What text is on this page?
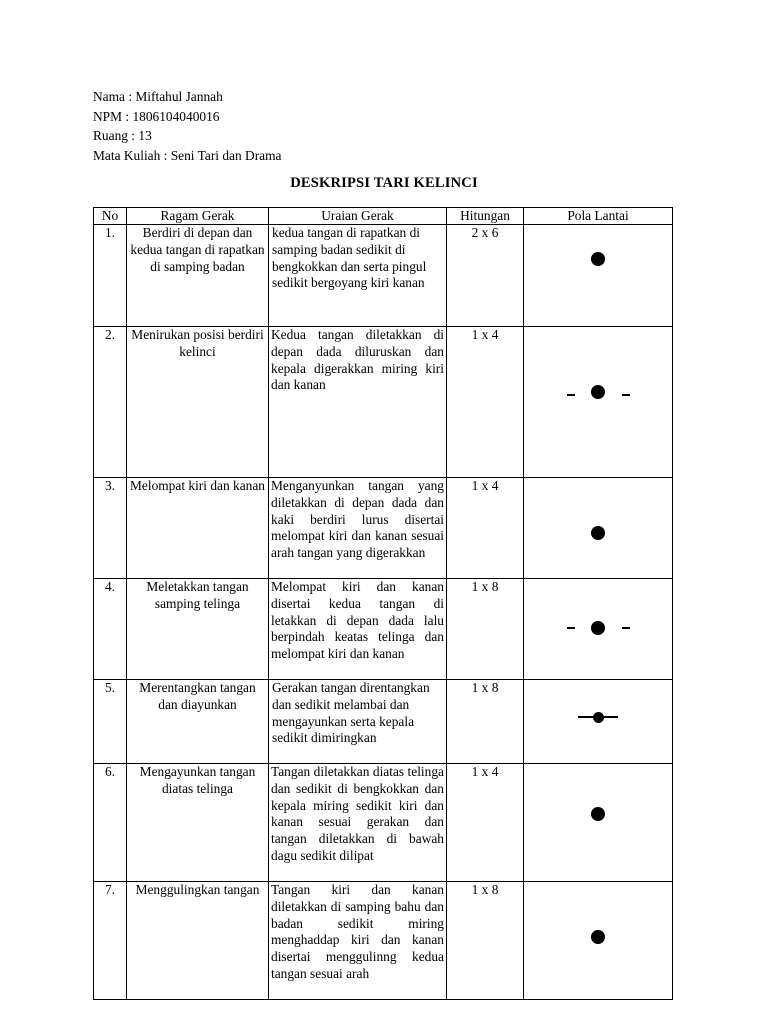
Nama : Miftahul Jannah
NPM : 1806104040016
Ruang : 13
Mata Kuliah : Seni Tari dan Drama
DESKRIPSI TARI KELINCI
No	Ragam Gerak	Uraian Gerak	Hitungan	Pola Lantai
1.	Berdiri di depan dan kedua tangan di rapatkan di samping badan	kedua tangan di rapatkan di samping badan sedikit di bengkokkan dan serta pingul sedikit bergoyang kiri kanan	2 x 6	

2.	Menirukan posisi berdiri kelinci	Kedua tangan diletakkan di depan dada diluruskan dan kepala digerakkan miring kiri dan kanan	1 x 4	

3.	Melompat kiri dan kanan	Menganyunkan tangan yang diletakkan di depan dada dan kaki berdiri lurus disertai melompat kiri dan kanan sesuai arah tangan yang digerakkan	1 x 4	

4.	Meletakkan tangan samping telinga	Melompat kiri dan kanan disertai kedua tangan di letakkan di depan dada lalu berpindah keatas telinga dan melompat kiri dan kanan	1 x 8	

5.	Merentangkan tangan dan diayunkan	Gerakan tangan direntangkan dan sedikit melambai dan mengayunkan serta kepala sedikit dimiringkan	1 x 8	

6.	Mengayunkan tangan diatas telinga	Tangan diletakkan diatas telinga dan sedikit di bengkokkan dan kepala miring sedikit kiri dan kanan sesuai gerakan dan tangan diletakkan di bawah dagu sedikit dilipat	1 x 4	

7.	Menggulingkan tangan	Tangan kiri dan kanan diletakkan di samping bahu dan badan sedikit miring menghaddap kiri dan kanan disertai menggulinng kedua tangan sesuai arah	1 x 8	
